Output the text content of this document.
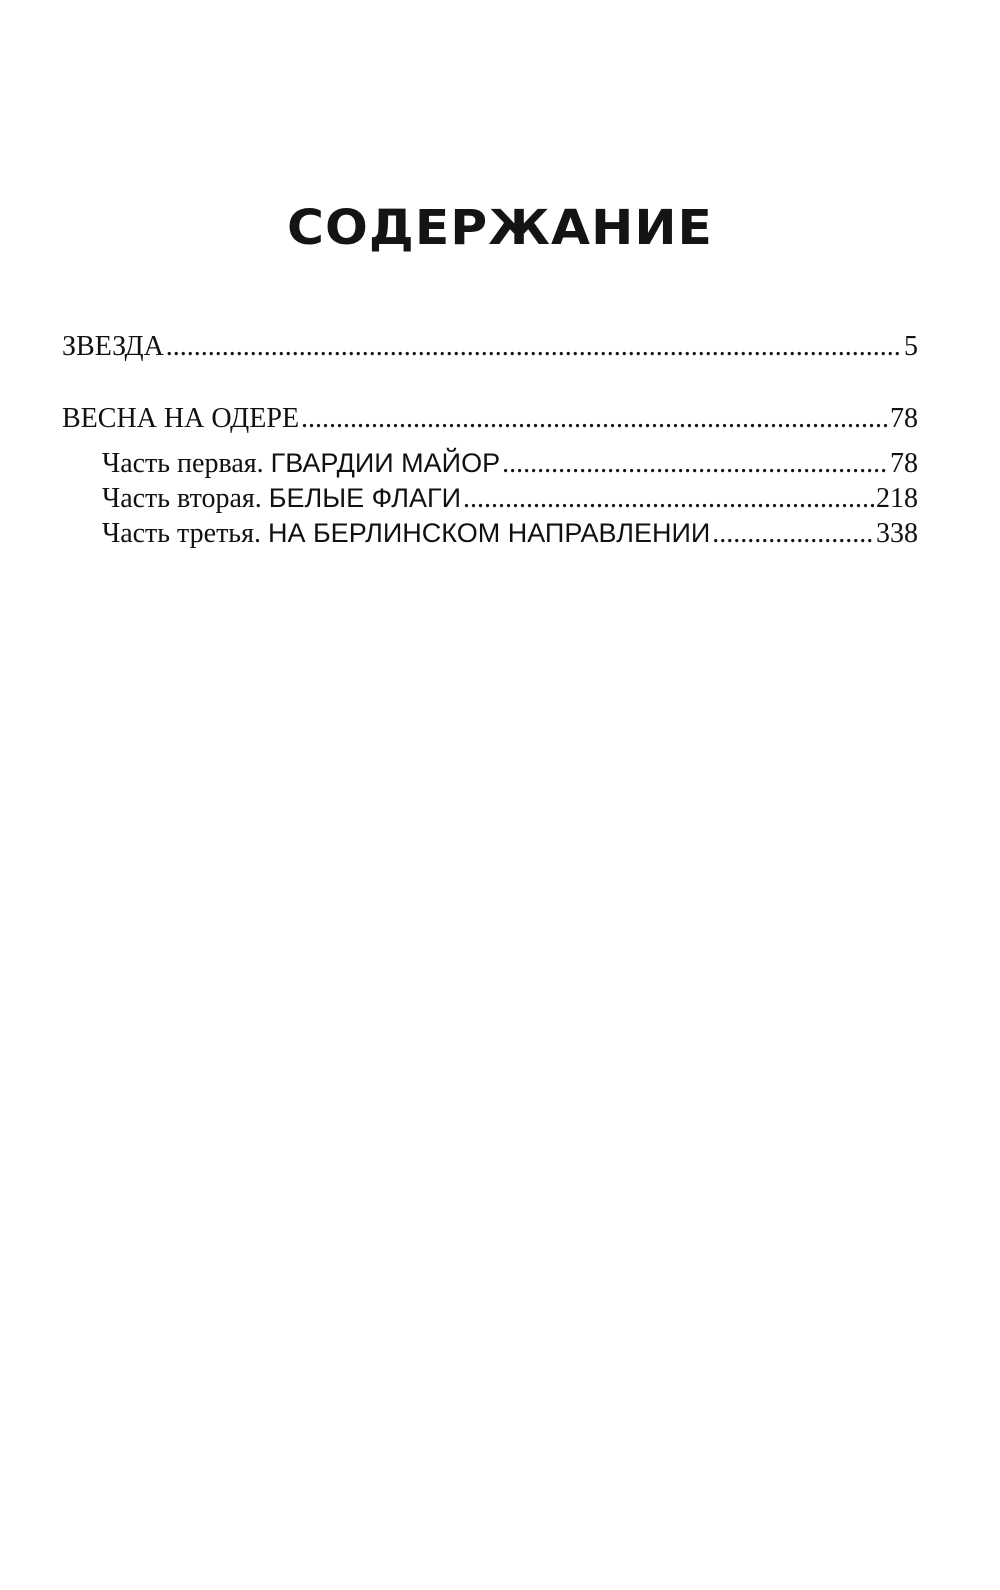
СОДЕРЖАНИЕ
ЗВЕЗДА .....	5
ВЕСНА НА ОДЕРЕ .....	78
Часть первая.
ГВАРДИИ МАЙОР .....	78
Часть вторая.
БЕЛЫЕ ФЛАГИ .....	218
Часть третья.
НА БЕРЛИНСКОМ НАПРАВЛЕНИИ .....	338
